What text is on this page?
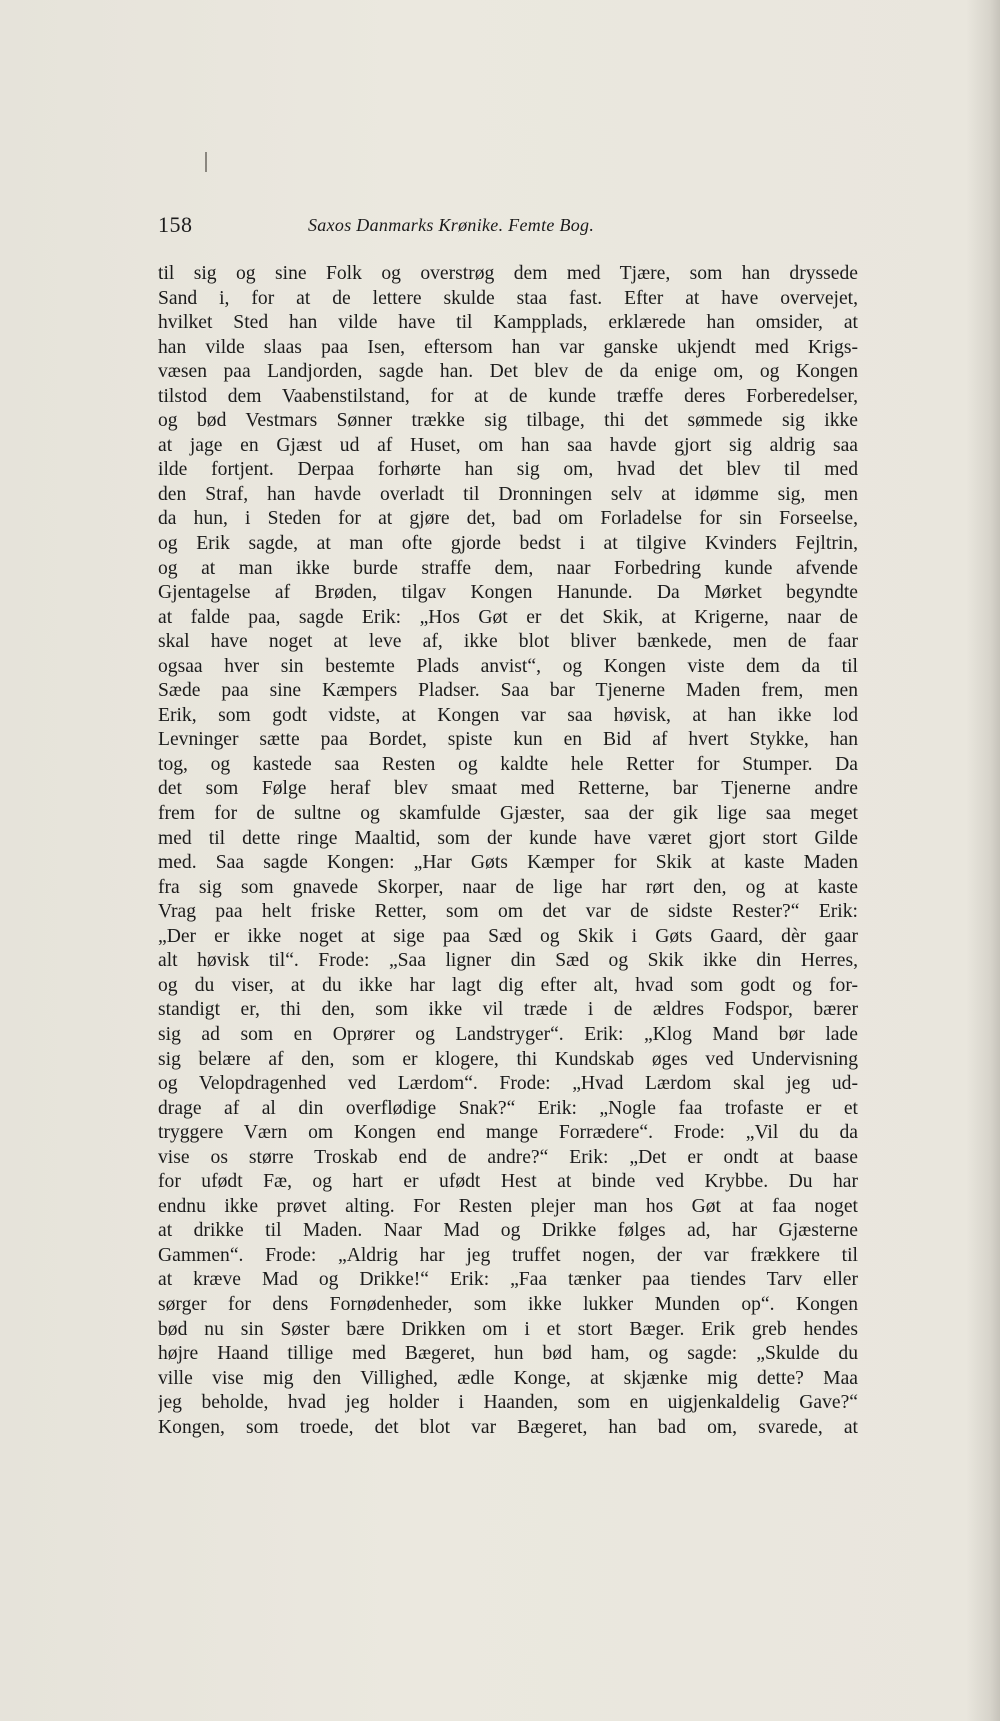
158	Saxos Danmarks Krønike. Femte Bog.
til sig og sine Folk og overstrøg dem med Tjære, som han dryssede
Sand i, for at de lettere skulde staa fast. Efter at have overvejet,
hvilket Sted han vilde have til Kampplads, erklærede han omsider, at
han vilde slaas paa Isen, eftersom han var ganske ukjendt med Krigs-
væsen paa Landjorden, sagde han. Det blev de da enige om, og Kongen
tilstod dem Vaabenstilstand, for at de kunde træffe deres Forberedelser,
og bød Vestmars Sønner trække sig tilbage, thi det sømmede sig ikke
at jage en Gjæst ud af Huset, om han saa havde gjort sig aldrig saa
ilde fortjent. Derpaa forhørte han sig om, hvad det blev til med
den Straf, han havde overladt til Dronningen selv at idømme sig, men
da hun, i Steden for at gjøre det, bad om Forladelse for sin Forseelse,
og Erik sagde, at man ofte gjorde bedst i at tilgive Kvinders Fejltrin,
og at man ikke burde straffe dem, naar Forbedring kunde afvende
Gjentagelse af Brøden, tilgav Kongen Hanunde. Da Mørket begyndte
at falde paa, sagde Erik: „Hos Gøt er det Skik, at Krigerne, naar de
skal have noget at leve af, ikke blot bliver bænkede, men de faar
ogsaa hver sin bestemte Plads anvist“, og Kongen viste dem da til
Sæde paa sine Kæmpers Pladser. Saa bar Tjenerne Maden frem, men
Erik, som godt vidste, at Kongen var saa høvisk, at han ikke lod
Levninger sætte paa Bordet, spiste kun en Bid af hvert Stykke, han
tog, og kastede saa Resten og kaldte hele Retter for Stumper. Da
det som Følge heraf blev smaat med Retterne, bar Tjenerne andre
frem for de sultne og skamfulde Gjæster, saa der gik lige saa meget
med til dette ringe Maaltid, som der kunde have været gjort stort Gilde
med. Saa sagde Kongen: „Har Gøts Kæmper for Skik at kaste Maden
fra sig som gnavede Skorper, naar de lige har rørt den, og at kaste
Vrag paa helt friske Retter, som om det var de sidste Rester?“ Erik:
„Der er ikke noget at sige paa Sæd og Skik i Gøts Gaard, dèr gaar
alt høvisk til“. Frode: „Saa ligner din Sæd og Skik ikke din Herres,
og du viser, at du ikke har lagt dig efter alt, hvad som godt og for-
standigt er, thi den, som ikke vil træde i de ældres Fodspor, bærer
sig ad som en Oprører og Landstryger“. Erik: „Klog Mand bør lade
sig belære af den, som er klogere, thi Kundskab øges ved Undervisning
og Velopdragenhed ved Lærdom“. Frode: „Hvad Lærdom skal jeg ud-
drage af al din overflødige Snak?“ Erik: „Nogle faa trofaste er et
tryggere Værn om Kongen end mange Forrædere“. Frode: „Vil du da
vise os større Troskab end de andre?“ Erik: „Det er ondt at baase
for ufødt Fæ, og hart er ufødt Hest at binde ved Krybbe. Du har
endnu ikke prøvet alting. For Resten plejer man hos Gøt at faa noget
at drikke til Maden. Naar Mad og Drikke følges ad, har Gjæsterne
Gammen“. Frode: „Aldrig har jeg truffet nogen, der var frækkere til
at kræve Mad og Drikke!“ Erik: „Faa tænker paa tiendes Tarv eller
sørger for dens Fornødenheder, som ikke lukker Munden op“. Kongen
bød nu sin Søster bære Drikken om i et stort Bæger. Erik greb hendes
højre Haand tillige med Bægeret, hun bød ham, og sagde: „Skulde du
ville vise mig den Villighed, ædle Konge, at skjænke mig dette? Maa
jeg beholde, hvad jeg holder i Haanden, som en uigjenkaldelig Gave?“
Kongen, som troede, det blot var Bægeret, han bad om, svarede, at
